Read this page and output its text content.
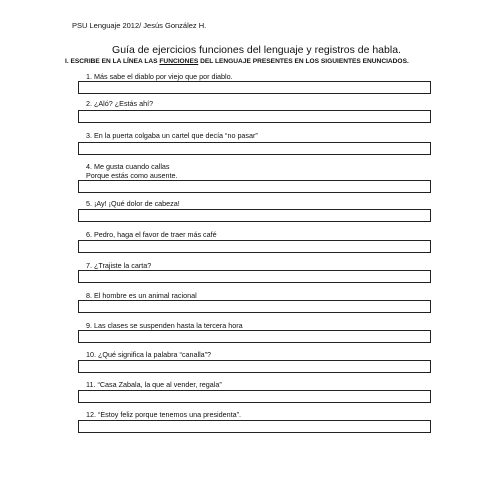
PSU Lenguaje 2012/ Jesús González H.
Guía de ejercicios funciones del lenguaje y registros de habla.
I. ESCRIBE EN LA LÍNEA LAS FUNCIONES DEL LENGUAJE PRESENTES EN LOS SIGUIENTES ENUNCIADOS.
1. Más sabe el diablo por viejo que por diablo.
2. ¿Aló? ¿Estás ahí?
3. En la puerta colgaba un cartel que decía “no pasar”
4. Me gusta cuando callas
Porque estás como ausente.
5. ¡Ay! ¡Qué dolor de cabeza!
6. Pedro, haga el favor de traer más café
7. ¿Trajiste la carta?
8. El hombre es un animal racional
9. Las clases se suspenden hasta la tercera hora
10. ¿Qué significa la palabra “canalla”?
11. “Casa Zabala, la que al vender, regala”
12. “Estoy feliz porque tenemos una presidenta”.
